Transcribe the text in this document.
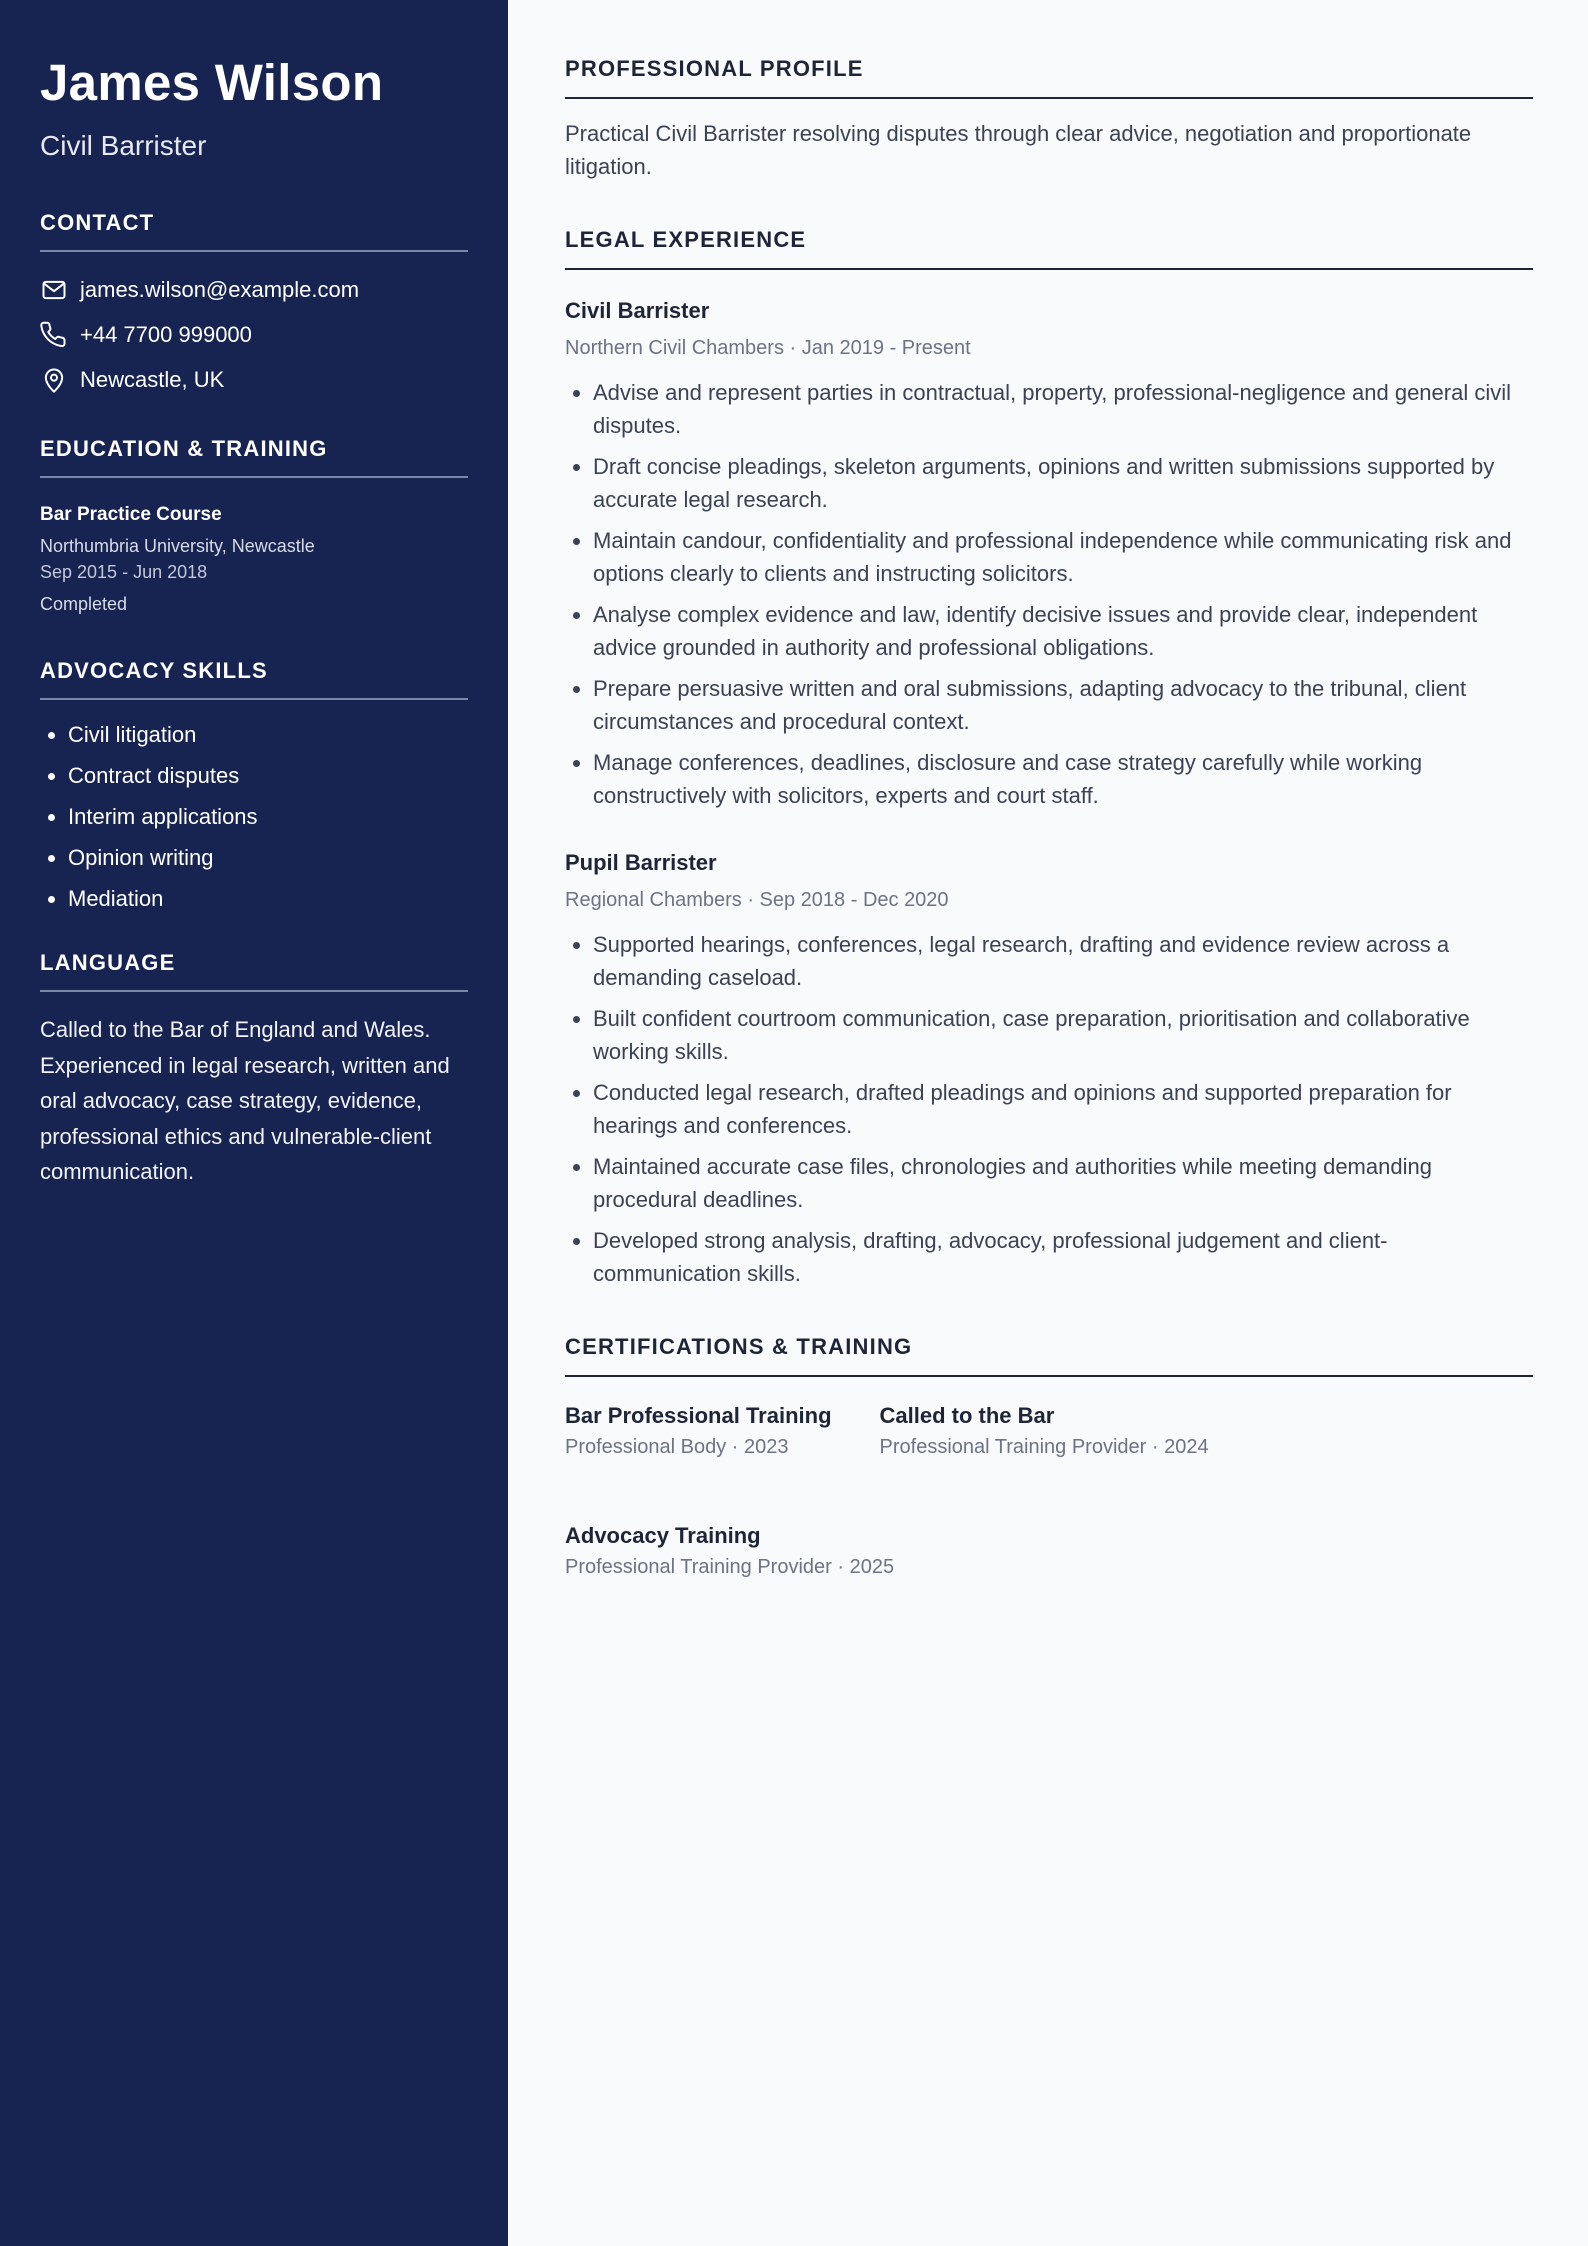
James Wilson

Civil Barrister

CONTACT
james.wilson@example.com
+44 7700 999000
Newcastle, UK
EDUCATION & TRAINING

Bar Practice Course

Northumbria University, Newcastle

Sep 2015 - Jun 2018

Completed

ADVOCACY SKILLS
• Civil litigation
• Contract disputes
• Interim applications
• Opinion writing
• Mediation
LANGUAGE

Called to the Bar of England and Wales. Experienced in legal research, written and oral advocacy, case strategy, evidence, professional ethics and vulnerable-client communication.

PROFESSIONAL PROFILE

Practical Civil Barrister resolving disputes through clear advice, negotiation and proportionate litigation.

LEGAL EXPERIENCE

Civil Barrister

Northern Civil Chambers · Jan 2019 - Present

• Advise and represent parties in contractual, property, professional-negligence and general civil disputes.
• Draft concise pleadings, skeleton arguments, opinions and written submissions supported by accurate legal research.
• Maintain candour, confidentiality and professional independence while communicating risk and options clearly to clients and instructing solicitors.
• Analyse complex evidence and law, identify decisive issues and provide clear, independent advice grounded in authority and professional obligations.
• Prepare persuasive written and oral submissions, adapting advocacy to the tribunal, client circumstances and procedural context.
• Manage conferences, deadlines, disclosure and case strategy carefully while working constructively with solicitors, experts and court staff.

Pupil Barrister

Regional Chambers · Sep 2018 - Dec 2020

• Supported hearings, conferences, legal research, drafting and evidence review across a demanding caseload.
• Built confident courtroom communication, case preparation, prioritisation and collaborative working skills.
• Conducted legal research, drafted pleadings and opinions and supported preparation for hearings and conferences.
• Maintained accurate case files, chronologies and authorities while meeting demanding procedural deadlines.
• Developed strong analysis, drafting, advocacy, professional judgement and client-communication skills.
CERTIFICATIONS & TRAINING

Bar Professional Training

Professional Body · 2023

Called to the Bar

Professional Training Provider · 2024

Advocacy Training

Professional Training Provider · 2025
